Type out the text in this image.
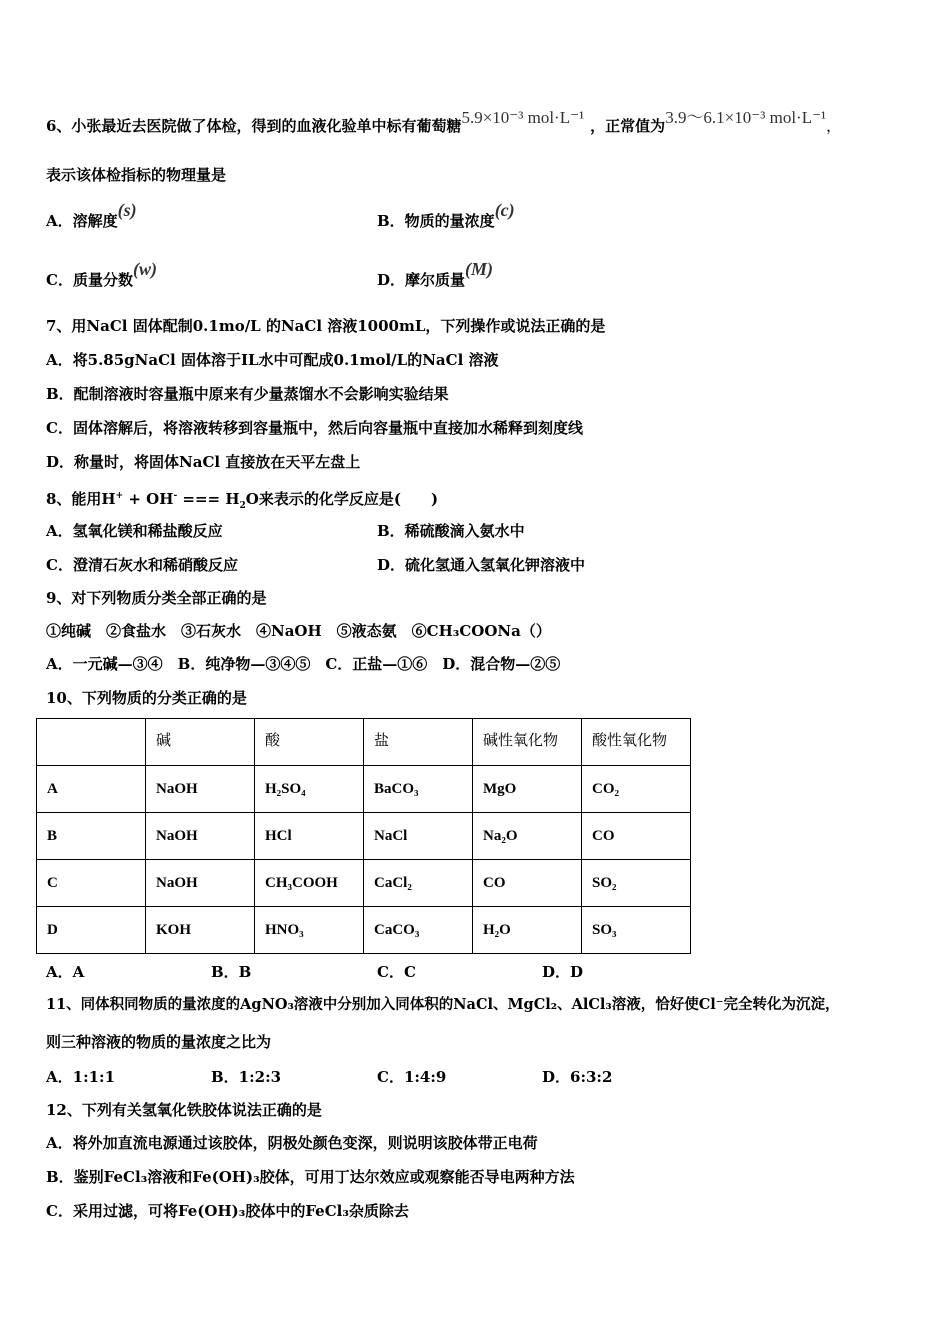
6、小张最近去医院做了体检，得到的血液化验单中标有葡萄糖5.9×10⁻³ mol·L⁻¹ ，正常值为3.9～6.1×10⁻³ mol·L⁻¹，
表示该体检指标的物理量是
A．溶解度(s)
B．物质的量浓度(c)
C．质量分数(w)
D．摩尔质量(M)
7、用NaCl 固体配制0.1mo/L 的NaCl 溶液1000mL，下列操作或说法正确的是
A．将5.85gNaCl 固体溶于IL水中可配成0.1mol/L的NaCl 溶液
B．配制溶液时容量瓶中原来有少量蒸馏水不会影响实验结果
C．固体溶解后，将溶液转移到容量瓶中，然后向容量瓶中直接加水稀释到刻度线
D．称量时，将固体NaCl 直接放在天平左盘上
8、能用H+ + OH- === $H_2O$来表示的化学反应是(　　)
A．氢氧化镁和稀盐酸反应	B．稀硫酸滴入氨水中
C．澄清石灰水和稀硝酸反应	D．硫化氢通入氢氧化钾溶液中
9、对下列物质分类全部正确的是
①纯碱　②食盐水　③石灰水　④NaOH　⑤液态氨　⑥CH₃COONa（）
A．一元碱—③④　B．纯净物—③④⑤　C．正盐—①⑥　D．混合物—②⑤
10、下列物质的分类正确的是
	碱	酸	盐	碱性氧化物	酸性氧化物
A	NaOH	H₂SO₄	BaCO₃	MgO	CO₂
B	NaOH	HCl	NaCl	Na₂O	CO
C	NaOH	CH₃COOH	CaCl₂	CO	SO₂
D	KOH	HNO₃	CaCO₃	H₂O	SO₃
A．A	B．B	C．C	D．D
11、同体积同物质的量浓度的AgNO₃溶液中分别加入同体积的NaCl、MgCl₂、AlCl₃溶液，恰好使Cl⁻完全转化为沉淀，
则三种溶液的物质的量浓度之比为
A．1:1:1	B．1:2:3	C．1:4:9	D．6:3:2
12、下列有关氢氧化铁胶体说法正确的是
A．将外加直流电源通过该胶体，阴极处颜色变深，则说明该胶体带正电荷
B．鉴别FeCl₃溶液和Fe(OH)₃胶体，可用丁达尔效应或观察能否导电两种方法
C．采用过滤，可将Fe(OH)₃胶体中的FeCl₃杂质除去
